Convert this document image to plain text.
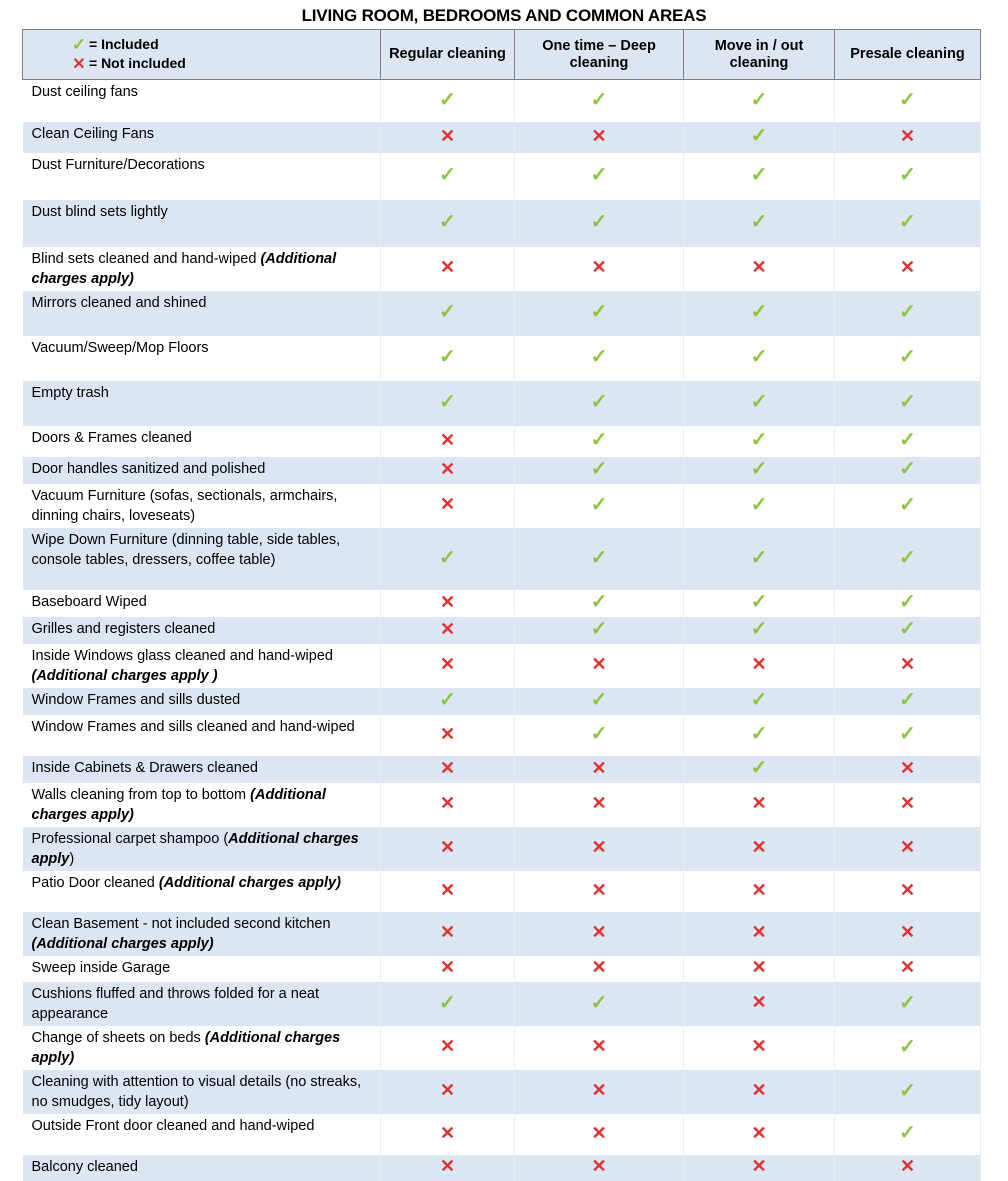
LIVING ROOM, BEDROOMS AND COMMON AREAS
✓ = Included
✕ = Not included	Regular cleaning	One time – Deep cleaning	Move in / out cleaning	Presale cleaning
Dust ceiling fans	✓	✓	✓	✓
Clean Ceiling Fans	✕	✕	✓	✕
Dust Furniture/Decorations	✓	✓	✓	✓
Dust blind sets lightly	✓	✓	✓	✓
Blind sets cleaned and hand-wiped (Additional charges apply)	✕	✕	✕	✕
Mirrors cleaned and shined	✓	✓	✓	✓
Vacuum/Sweep/Mop Floors	✓	✓	✓	✓
Empty trash	✓	✓	✓	✓
Doors & Frames cleaned	✕	✓	✓	✓
Door handles sanitized and polished	✕	✓	✓	✓
Vacuum Furniture (sofas, sectionals, armchairs, dinning chairs, loveseats)	✕	✓	✓	✓
Wipe Down Furniture (dinning table, side tables, console tables, dressers, coffee table)	✓	✓	✓	✓
Baseboard Wiped	✕	✓	✓	✓
Grilles and registers cleaned	✕	✓	✓	✓
Inside Windows glass cleaned and hand-wiped (Additional charges apply )	✕	✕	✕	✕
Window Frames and sills dusted	✓	✓	✓	✓
Window Frames and sills cleaned and hand-wiped	✕	✓	✓	✓
Inside Cabinets & Drawers cleaned	✕	✕	✓	✕
Walls cleaning from top to bottom (Additional charges apply)	✕	✕	✕	✕
Professional carpet shampoo (Additional charges apply)	✕	✕	✕	✕
Patio Door cleaned (Additional charges apply)	✕	✕	✕	✕
Clean Basement - not included second kitchen (Additional charges apply)	✕	✕	✕	✕
Sweep inside Garage	✕	✕	✕	✕
Cushions fluffed and throws folded for a neat appearance	✓	✓	✕	✓
Change of sheets on beds (Additional charges apply)	✕	✕	✕	✓
Cleaning with attention to visual details (no streaks, no smudges, tidy layout)	✕	✕	✕	✓
Outside Front door cleaned and hand-wiped	✕	✕	✕	✓
Balcony cleaned	✕	✕	✕	✕
